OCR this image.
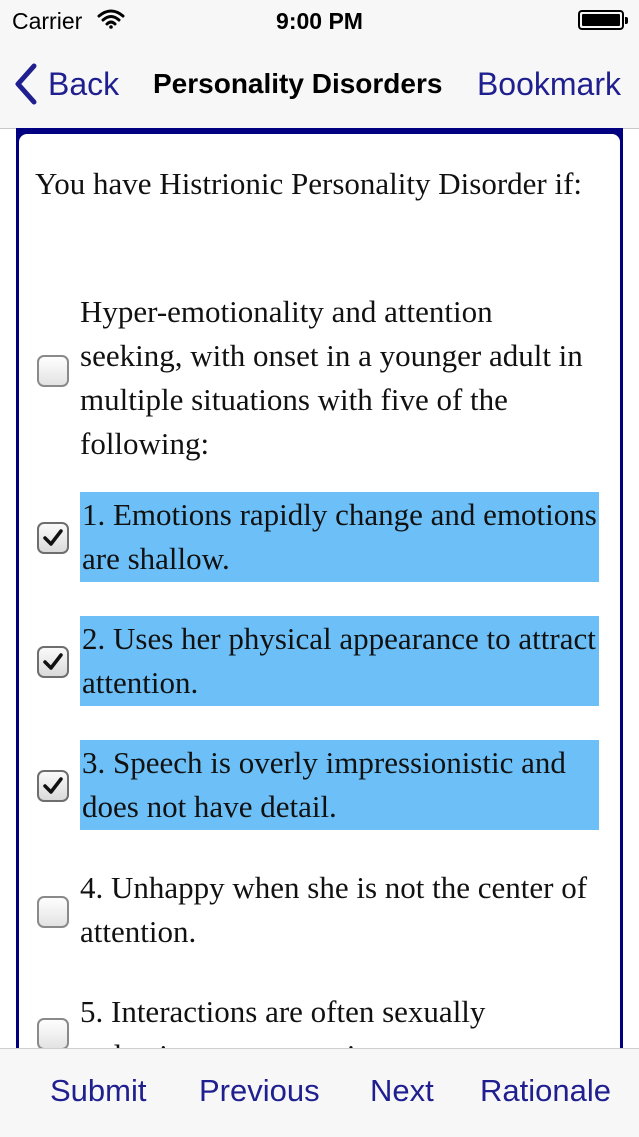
Carrier	9:00 PM
Back Personality Disorders Bookmark
You have Histrionic Personality Disorder if:
Hyper-emotionality and attention seeking, with onset in a younger adult in multiple situations with five of the following:
1. Emotions rapidly change and emotions are shallow.
2. Uses her physical appearance to attract attention.
3. Speech is overly impressionistic and does not have detail.
4. Unhappy when she is not the center of attention.
5. Interactions are often sexually
Submit Previous Next Rationale
